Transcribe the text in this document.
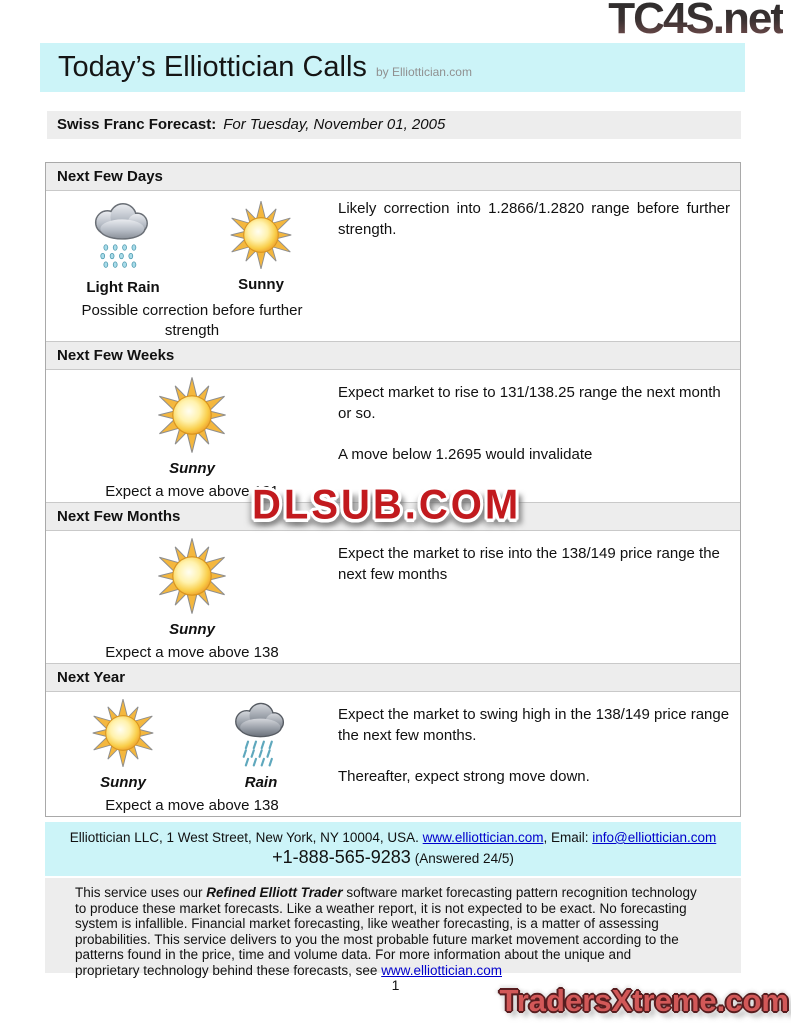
TC4S.net
Today’s Elliottician Calls by Elliottician.com
Swiss Franc Forecast: For Tuesday, November 01, 2005
Next Few Days
Light Rain	Sunny
Possible correction before further strength

Likely correction into 1.2866/1.2820 range before further strength.

Next Few Weeks
Sunny
Expect a move above 131

Expect market to rise to 131/138.25 range the next month or so.

A move below 1.2695 would invalidate

Next Few Months
Sunny
Expect a move above 138

Expect the market to rise into the 138/149 price range the next few months

Next Year
Sunny	Rain
Expect a move above 138

Expect the market to swing high in the 138/149 price range the next few months.

Thereafter, expect strong move down.

DLSUB.COM
Elliottician LLC, 1 West Street, New York, NY 10004, USA. www.elliottician.com, Email: info@elliottician.com
+1-888-565-9283 (Answered 24/5)
This service uses our Refined Elliott Trader software market forecasting pattern recognition technology to produce these market forecasts. Like a weather report, it is not expected to be exact. No forecasting system is infallible. Financial market forecasting, like weather forecasting, is a matter of assessing probabilities. This service delivers to you the most probable future market movement according to the patterns found in the price, time and volume data. For more information about the unique and proprietary technology behind these forecasts, see www.elliottician.com
1	TradersXtreme.com
